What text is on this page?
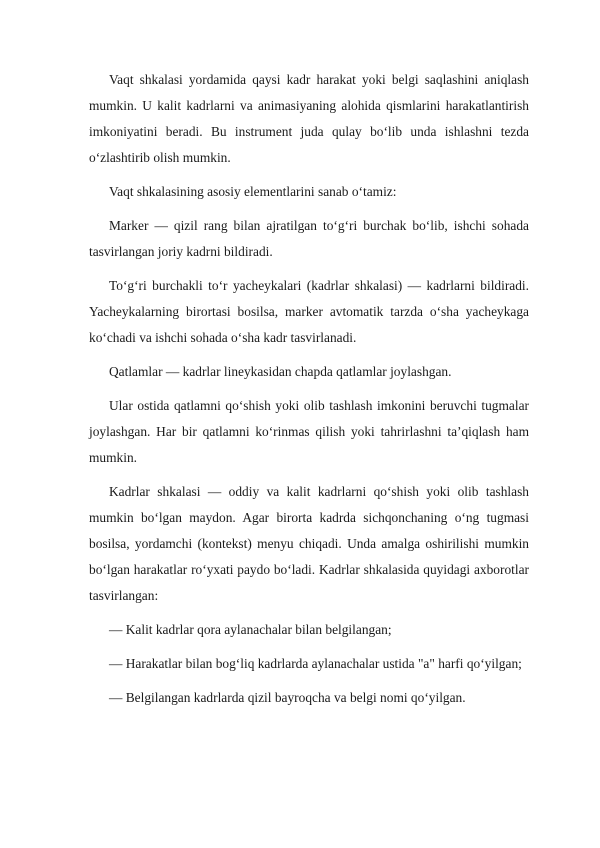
Vaqt shkalasi yordamida qaysi kadr harakat yoki belgi saqlashini aniqlash mumkin. U kalit kadrlarni va animasiyaning alohida qismlarini harakatlantirish imkoniyatini beradi. Bu instrument juda qulay bo‘lib unda ishlashni tezda o‘zlashtirib olish mumkin.

Vaqt shkalasining asosiy elementlarini sanab o‘tamiz:

Marker — qizil rang bilan ajratilgan to‘g‘ri burchak bo‘lib, ishchi sohada tasvirlangan joriy kadrni bildiradi.

To‘g‘ri burchakli to‘r yacheykalari (kadrlar shkalasi) — kadrlarni bildiradi. Yacheykalarning birortasi bosilsa, marker avtomatik tarzda o‘sha yacheykaga ko‘chadi va ishchi sohada o‘sha kadr tasvirlanadi.

Qatlamlar — kadrlar lineykasidan chapda qatlamlar joylashgan.

Ular ostida qatlamni qo‘shish yoki olib tashlash imkonini beruvchi tugmalar joylashgan. Har bir qatlamni ko‘rinmas qilish yoki tahrirlashni ta’qiqlash ham mumkin.

Kadrlar shkalasi — oddiy va kalit kadrlarni qo‘shish yoki olib tashlash mumkin bo‘lgan maydon. Agar birorta kadrda sichqonchaning o‘ng tugmasi bosilsa, yordamchi (kontekst) menyu chiqadi. Unda amalga oshirilishi mumkin bo‘lgan harakatlar ro‘yxati paydo bo‘ladi. Kadrlar shkalasida quyidagi axborotlar tasvirlangan:

— Kalit kadrlar qora aylanachalar bilan belgilangan;

— Harakatlar bilan bog‘liq kadrlarda aylanachalar ustida "a" harfi qo‘yilgan;

— Belgilangan kadrlarda qizil bayroqcha va belgi nomi qo‘yilgan.
